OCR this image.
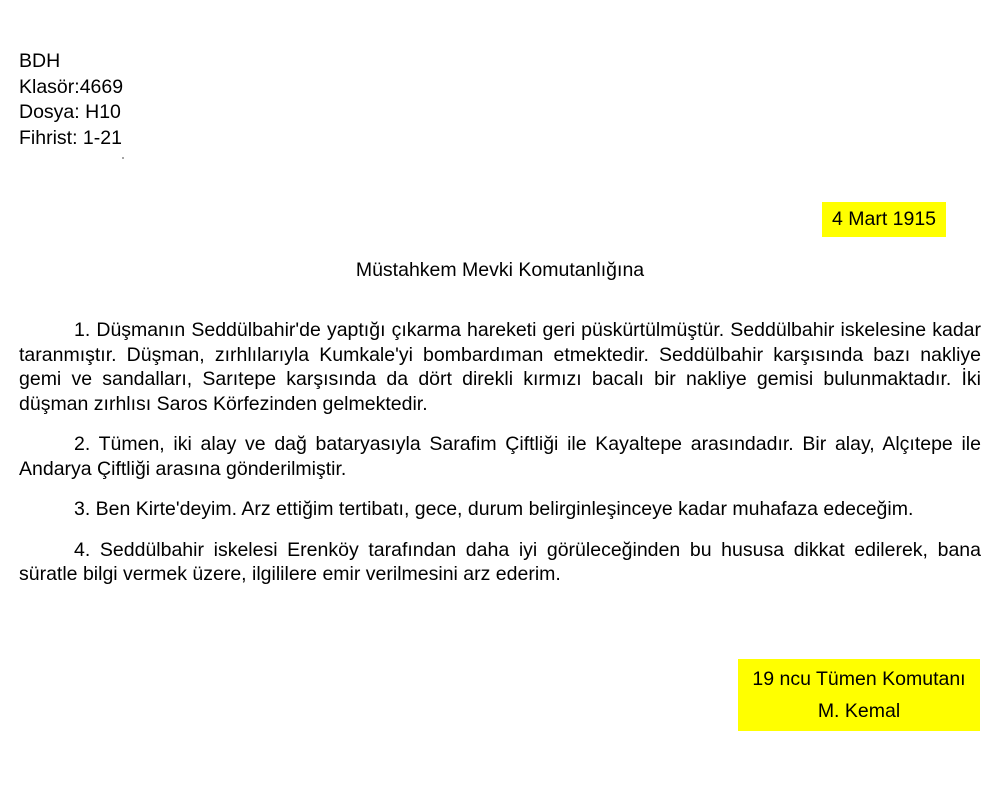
BDH
Klasör:4669
Dosya: H10
Fihrist: 1-21
4 Mart 1915
Müstahkem Mevki Komutanlığına

1. Düşmanın Seddülbahir'de yaptığı çıkarma hareketi geri püskürtülmüştür. Seddülbahir iskelesine kadar taranmıştır. Düşman, zırhlılarıyla Kumkale'yi bombardıman etmektedir. Seddülbahir karşısında bazı nakliye gemi ve sandalları, Sarıtepe karşısında da dört direkli kırmızı bacalı bir nakliye gemisi bulunmaktadır. İki düşman zırhlısı Saros Körfezinden gelmektedir.

2. Tümen, iki alay ve dağ bataryasıyla Sarafim Çiftliği ile Kayaltepe arasındadır. Bir alay, Alçıtepe ile Andarya Çiftliği arasına gönderilmiştir.

3. Ben Kirte'deyim. Arz ettiğim tertibatı, gece, durum belirginleşinceye kadar muhafaza edeceğim.

4. Seddülbahir iskelesi Erenköy tarafından daha iyi görüleceğinden bu hususa dikkat edilerek, bana süratle bilgi vermek üzere, ilgililere emir verilmesini arz ederim.

19 ncu Tümen Komutanı
M. Kemal
